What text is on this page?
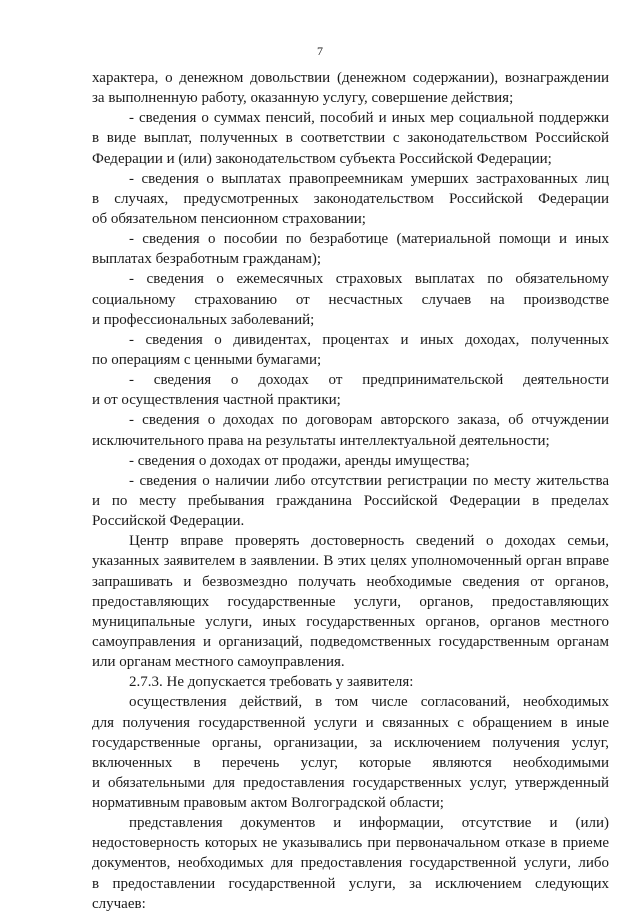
7
характера, о денежном довольствии (денежном содержании), вознаграждении
за выполненную работу, оказанную услугу, совершение действия;
- сведения о суммах пенсий, пособий и иных мер социальной поддержки
в виде выплат, полученных в соответствии с законодательством Российской
Федерации и (или) законодательством субъекта Российской Федерации;
- сведения о выплатах правопреемникам умерших застрахованных лиц
в случаях, предусмотренных законодательством Российской Федерации
об обязательном пенсионном страховании;
- сведения о пособии по безработице (материальной помощи и иных
выплатах безработным гражданам);
- сведения о ежемесячных страховых выплатах по обязательному
социальному страхованию от несчастных случаев на производстве
и профессиональных заболеваний;
- сведения о дивидентах, процентах и иных доходах, полученных
по операциям с ценными бумагами;
- сведения о доходах от предпринимательской деятельности
и от осуществления частной практики;
- сведения о доходах по договорам авторского заказа, об отчуждении
исключительного права на результаты интеллектуальной деятельности;
- сведения о доходах от продажи, аренды имущества;
- сведения о наличии либо отсутствии регистрации по месту жительства
и по месту пребывания гражданина Российской Федерации в пределах
Российской Федерации.
Центр вправе проверять достоверность сведений о доходах семьи,
указанных заявителем в заявлении. В этих целях уполномоченный орган вправе
запрашивать и безвозмездно получать необходимые сведения от органов,
предоставляющих государственные услуги, органов, предоставляющих
муниципальные услуги, иных государственных органов, органов местного
самоуправления и организаций, подведомственных государственным органам
или органам местного самоуправления.
2.7.3. Не допускается требовать у заявителя:
осуществления действий, в том числе согласований, необходимых
для получения государственной услуги и связанных с обращением в иные
государственные органы, организации, за исключением получения услуг,
включенных в перечень услуг, которые являются необходимыми
и обязательными для предоставления государственных услуг, утвержденный
нормативным правовым актом Волгоградской области;
представления документов и информации, отсутствие и (или)
недостоверность которых не указывались при первоначальном отказе в приеме
документов, необходимых для предоставления государственной услуги, либо
в предоставлении государственной услуги, за исключением следующих
случаев:
